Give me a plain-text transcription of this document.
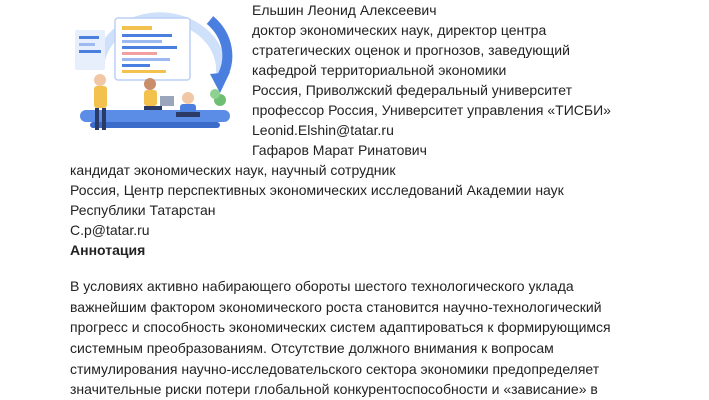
Ельшин Леонид Алексеевич
доктор экономических наук, директор центра
стратегических оценок и прогнозов, заведующий
кафедрой территориальной экономики
Россия, Приволжский федеральный университет
профессор Россия, Университет управления «ТИСБИ»
Leonid.Elshin@tatar.ru
Гафаров Марат Ринатович
кандидат экономических наук, научный сотрудник
Россия, Центр перспективных экономических исследований Академии наук
Республики Татарстан
C.p@tatar.ru
Аннотация
В условиях активно набирающего обороты шестого технологического уклада
важнейшим фактором экономического роста становится научно-технологический
прогресс и способность экономических систем адаптироваться к формирующимся
системным преобразованиям. Отсутствие должного внимания к вопросам
стимулирования научно-исследовательского сектора экономики предопределяет
значительные риски потери глобальной конкурентоспособности и «зависание» в
